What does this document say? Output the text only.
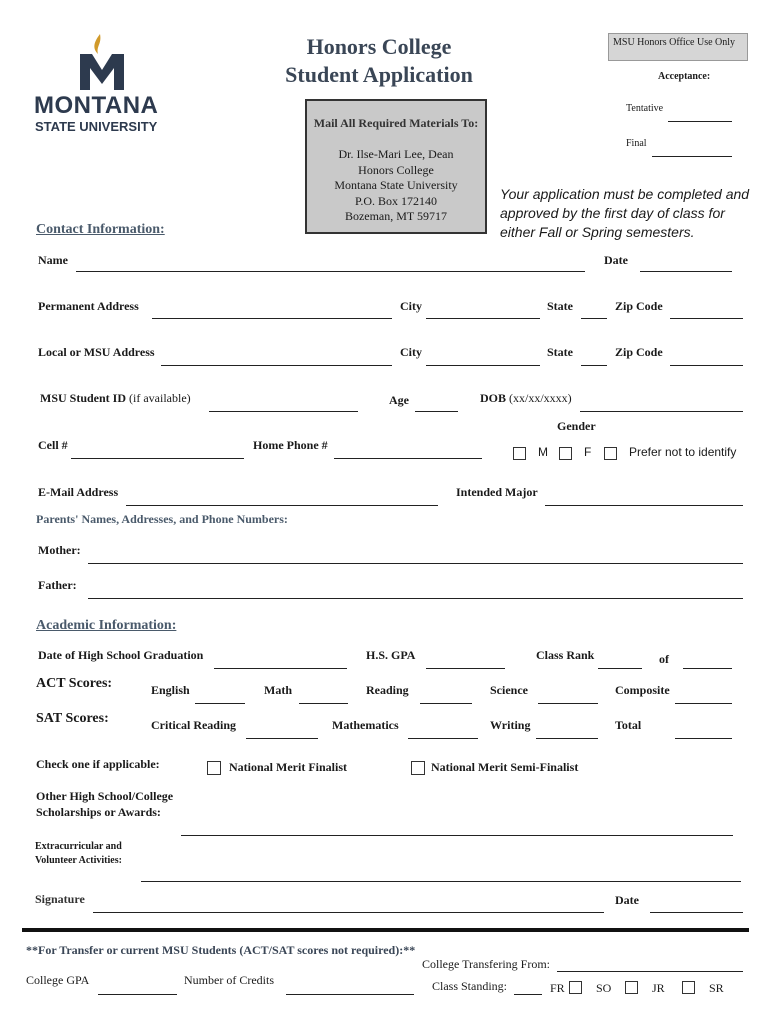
MONTANA
STATE UNIVERSITY
Honors College
Student Application
Mail All Required Materials To:
Dr. Ilse-Mari Lee, Dean
Honors College
Montana State University
P.O. Box 172140
Bozeman, MT 59717
MSU Honors Office Use Only
Acceptance:
Tentative
Final
Your application must be completed and
approved by the first day of class for
either Fall or Spring semesters.
Contact Information:
Name	Date
Permanent Address	City	State	Zip Code
Local or MSU Address	City	State	Zip Code
MSU Student ID (if available)	Age	DOB (xx/xx/xxxx)
Gender
Cell #	Home Phone #	M	F	Prefer not to identify
E-Mail Address	Intended Major
Parents' Names, Addresses, and Phone Numbers:
Mother:
Father:
Academic Information:
Date of High School Graduation	H.S. GPA	Class Rank	of
ACT Scores:	English	Math	Reading	Science	Composite
SAT Scores:	Critical Reading	Mathematics	Writing	Total
Check one if applicable:	National Merit Finalist	National Merit Semi-Finalist
Other High School/College
Scholarships or Awards:
Extracurricular and
Volunteer Activities:
Signature	Date
**For Transfer or current MSU Students (ACT/SAT scores not required):**
College Transfering From:
College GPA	Number of Credits	Class Standing:	FR	SO	JR	SR
